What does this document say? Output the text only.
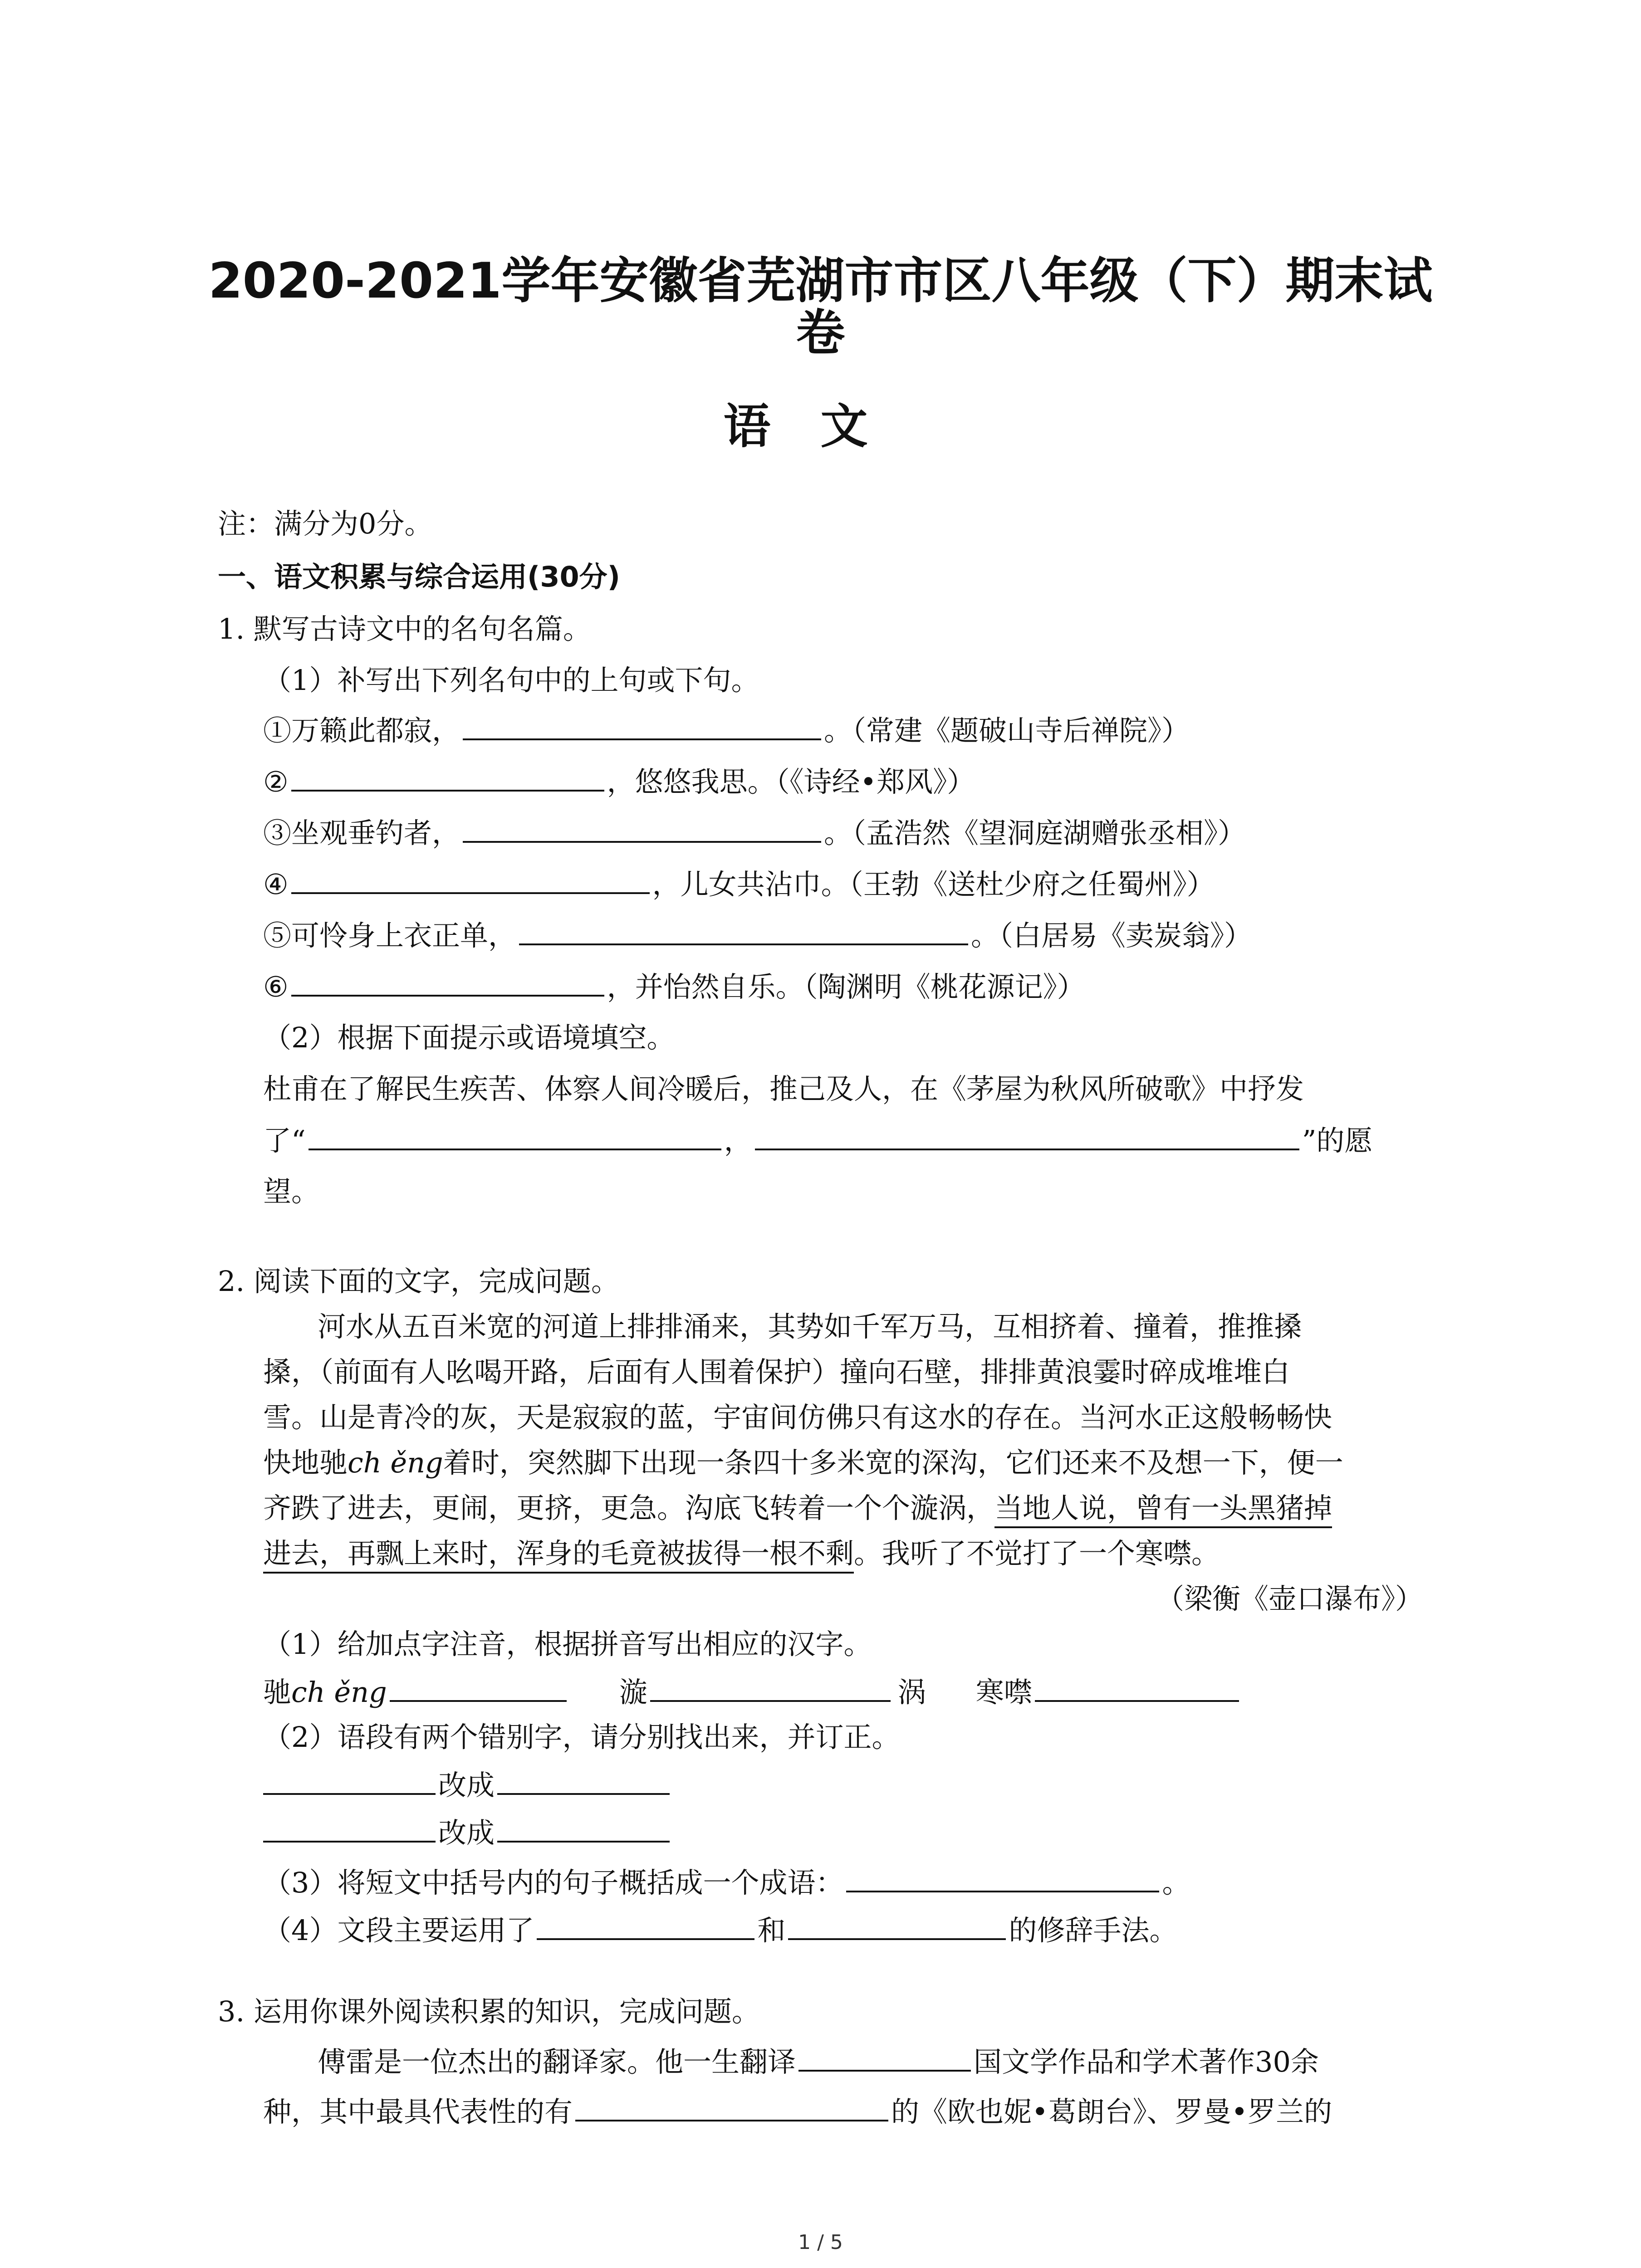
2020-2021学年安徽省芜湖市市区八年级（下）期末试
卷
语文
注：满分为0分。
一、语文积累与综合运用(30分)
1. 默写古诗文中的名句名篇。
（1）补写出下列名句中的上句或下句。
①万籁此都寂，	。（常建《题破山寺后禅院》）
②	，悠悠我思。（《诗经•郑风》）
③坐观垂钓者，	。（孟浩然《望洞庭湖赠张丞相》）
④	，儿女共沾巾。（王勃《送杜少府之任蜀州》）
⑤可怜身上衣正单，	。（白居易《卖炭翁》）
⑥	，并怡然自乐。（陶渊明《桃花源记》）
（2）根据下面提示或语境填空。
杜甫在了解民生疾苦、体察人间冷暖后，推己及人，在《茅屋为秋风所破歌》中抒发
了“	，	”的愿
望。
2. 阅读下面的文字，完成问题。
河水从五百米宽的河道上排排涌来，其势如千军万马，互相挤着、撞着，推推搡
搡，（前面有人吆喝开路，后面有人围着保护）撞向石壁，排排黄浪霎时碎成堆堆白
雪。山是青冷的灰，天是寂寂的蓝，宇宙间仿佛只有这水的存在。当河水正这般畅畅快
快地驰ch ěng着时，突然脚下出现一条四十多米宽的深沟，它们还来不及想一下，便一
齐跌了进去，更闹，更挤，更急。沟底飞转着一个个漩涡，当地人说，曾有一头黑猪掉
进去，再飘上来时，浑身的毛竟被拔得一根不剩。我听了不觉打了一个寒噤。
（梁衡《壶口瀑布》）
（1）给加点字注音，根据拼音写出相应的汉字。
驰ch ěng	漩	涡 寒噤
（2）语段有两个错别字，请分别找出来，并订正。
改成
改成
（3）将短文中括号内的句子概括成一个成语：	。
（4）文段主要运用了	和	的修辞手法。
3. 运用你课外阅读积累的知识，完成问题。
傅雷是一位杰出的翻译家。他一生翻译	国文学作品和学术著作30余
种，其中最具代表性的有	的《欧也妮•葛朗台》、罗曼•罗兰的
1 / 5
